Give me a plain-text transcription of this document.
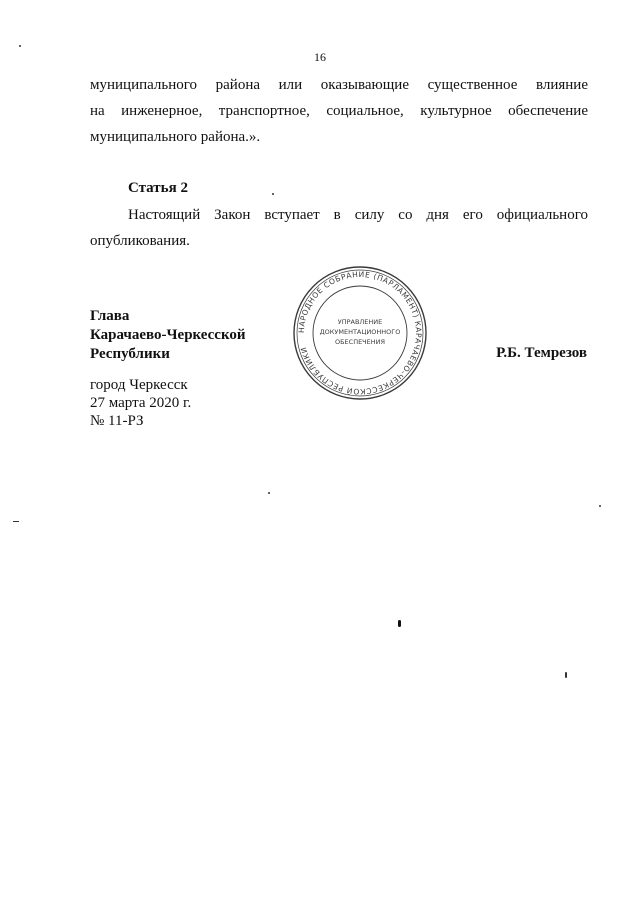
16
муниципального района или оказывающие существенное влияние
на инженерное, транспортное, социальное, культурное обеспечение
муниципального района.».
Статья 2
Настоящий Закон вступает в силу со дня его официального
опубликования.
Глава
Карачаево-Черкесской
Республики
НАРОДНОЕ СОБРАНИЕ (ПАРЛАМЕНТ) КАРАЧАЕВО-ЧЕРКЕССКОЙ РЕСПУБЛИКИ
УПРАВЛЕНИЕ
ДОКУМЕНТАЦИОННОГО
ОБЕСПЕЧЕНИЯ
Р.Б. Темрезов
город Черкесск
27 марта 2020 г.
№ 11-РЗ
